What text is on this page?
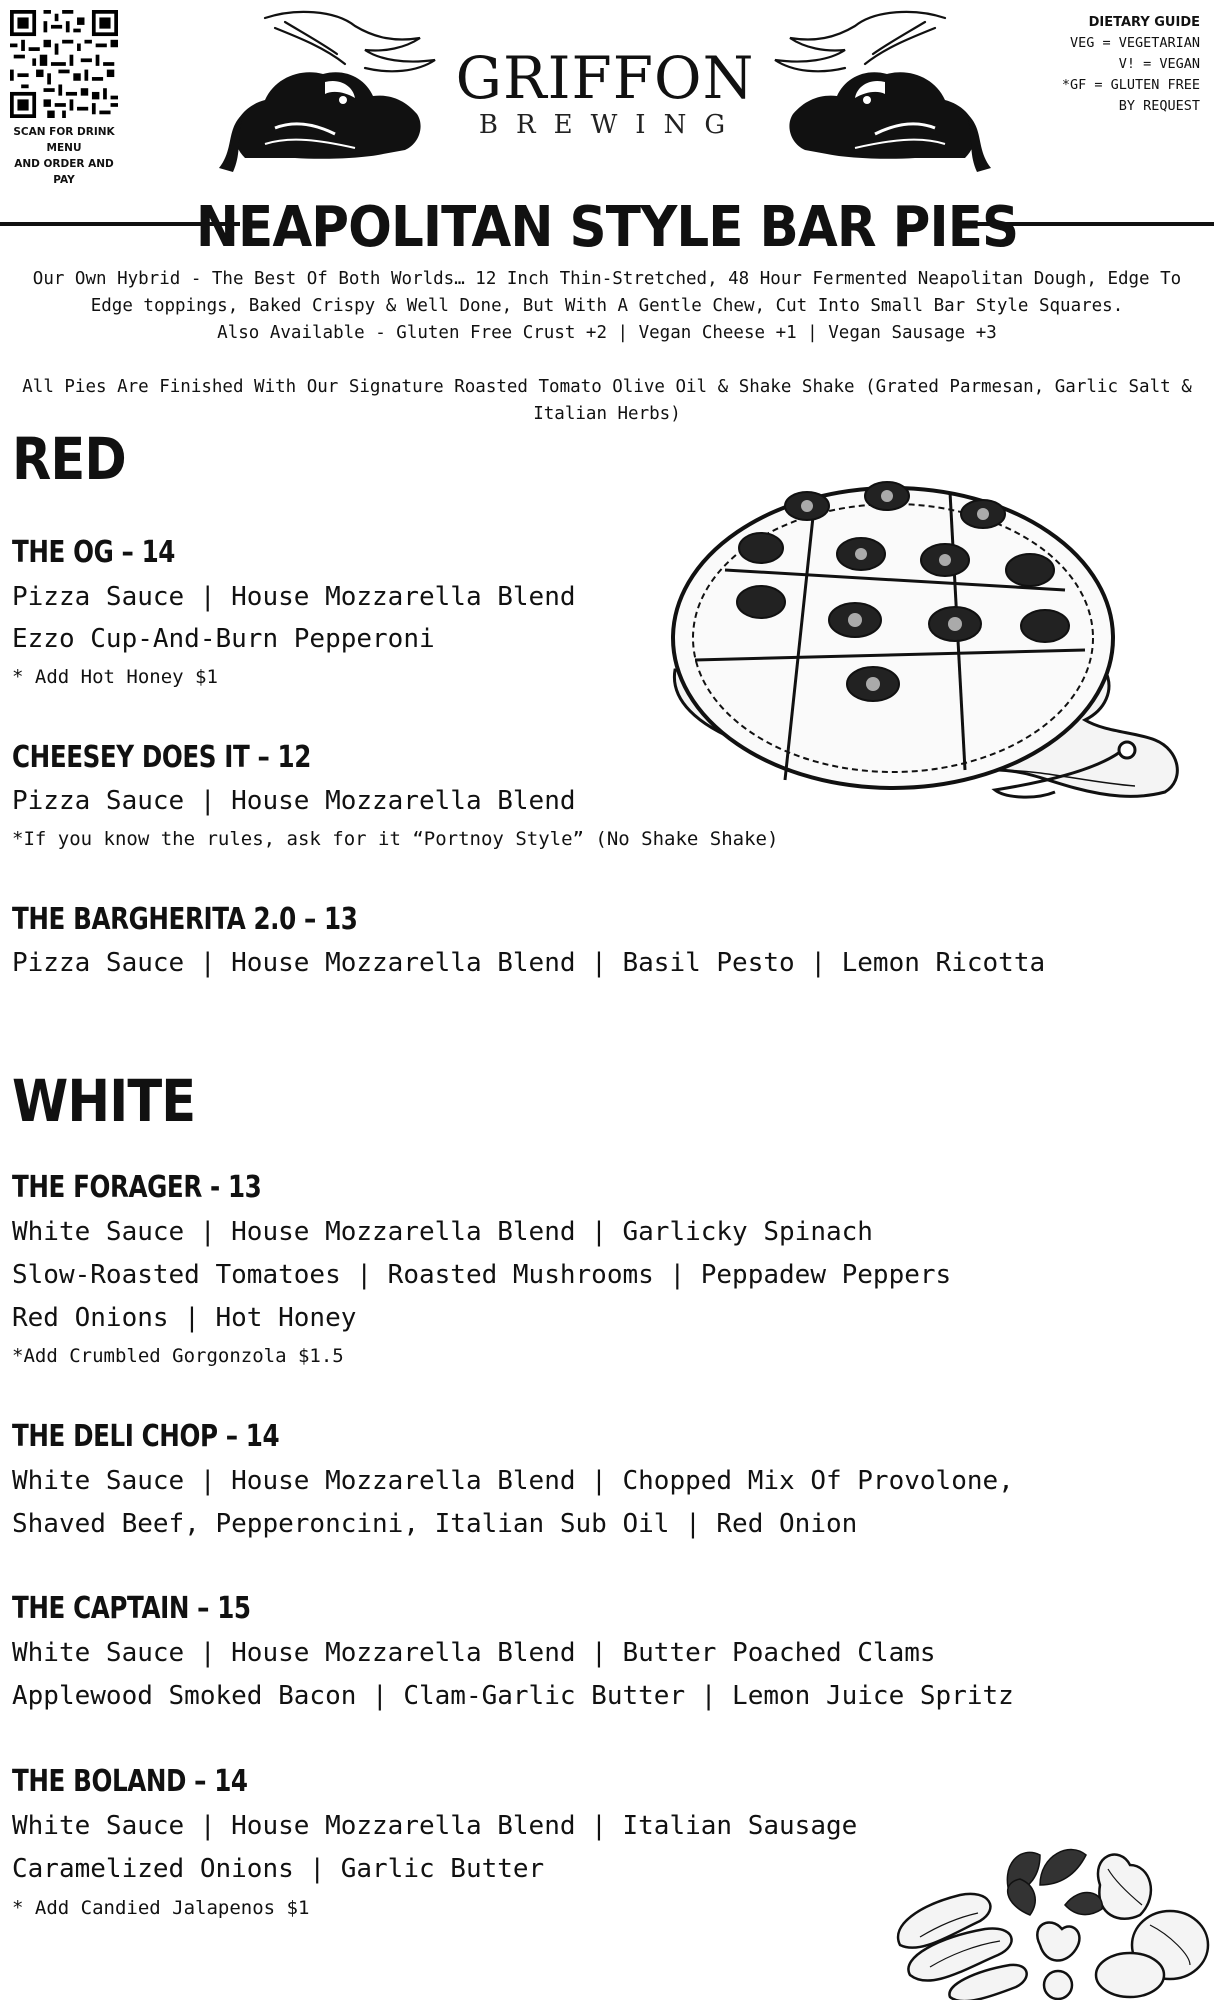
SCAN FOR DRINK MENU
AND ORDER AND PAY
GRIFFON
BREWING
DIETARY GUIDE
VEG = VEGETARIAN
V! = VEGAN
*GF = GLUTEN FREE
BY REQUEST
NEAPOLITAN STYLE BAR PIES
Our Own Hybrid - The Best Of Both Worlds… 12 Inch Thin-Stretched, 48 Hour Fermented Neapolitan Dough, Edge To Edge toppings, Baked Crispy & Well Done, But With A Gentle Chew, Cut Into Small Bar Style Squares.
Also Available - Gluten Free Crust +2 | Vegan Cheese +1 | Vegan Sausage +3
All Pies Are Finished With Our Signature Roasted Tomato Olive Oil & Shake Shake (Grated Parmesan, Garlic Salt & Italian Herbs)
RED
THE OG – 14
Pizza Sauce | House Mozzarella Blend
Ezzo Cup-And-Burn Pepperoni
* Add Hot Honey $1
CHEESEY DOES IT – 12
Pizza Sauce | House Mozzarella Blend
*If you know the rules, ask for it “Portnoy Style” (No Shake Shake)
THE BARGHERITA 2.0 – 13
Pizza Sauce | House Mozzarella Blend | Basil Pesto | Lemon Ricotta
WHITE
THE FORAGER - 13
White Sauce | House Mozzarella Blend | Garlicky Spinach
Slow-Roasted Tomatoes | Roasted Mushrooms | Peppadew Peppers
Red Onions | Hot Honey
*Add Crumbled Gorgonzola $1.5
THE DELI CHOP – 14
White Sauce | House Mozzarella Blend | Chopped Mix Of Provolone,
Shaved Beef, Pepperoncini, Italian Sub Oil | Red Onion
THE CAPTAIN – 15
White Sauce | House Mozzarella Blend | Butter Poached Clams
Applewood Smoked Bacon | Clam-Garlic Butter | Lemon Juice Spritz
THE BOLAND – 14
White Sauce | House Mozzarella Blend | Italian Sausage
Caramelized Onions | Garlic Butter
* Add Candied Jalapenos $1
